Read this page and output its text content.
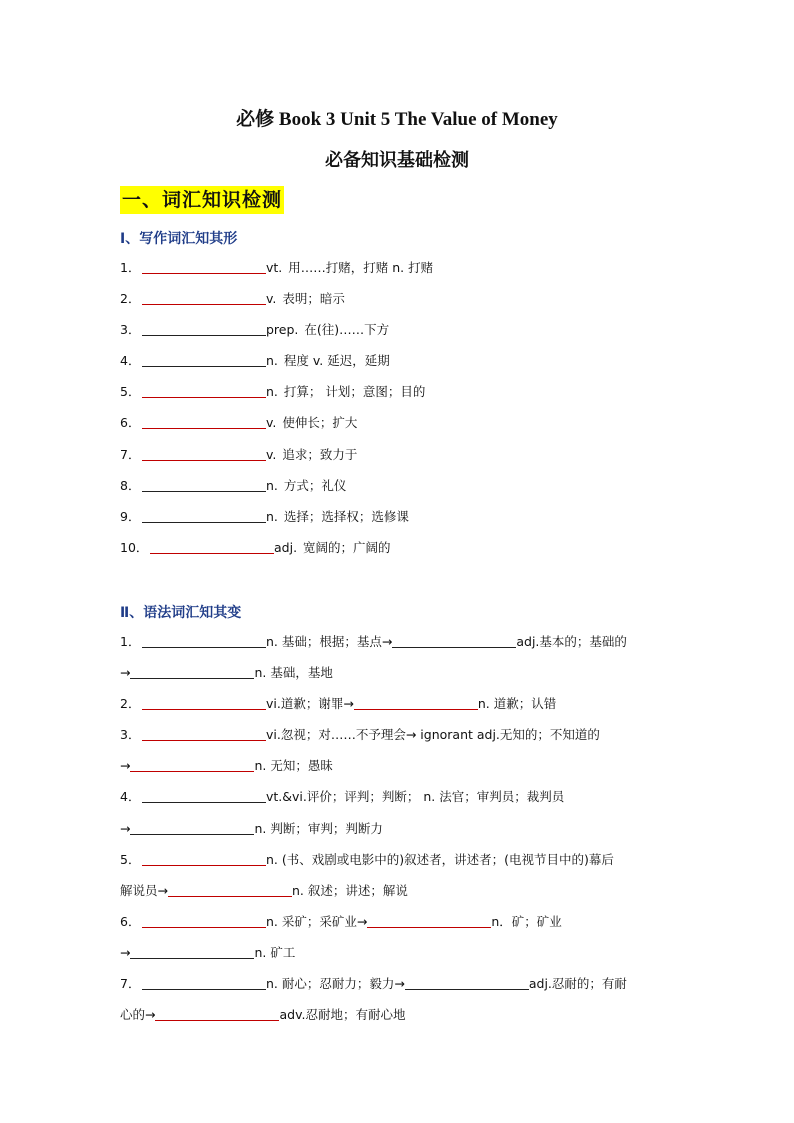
必修 Book 3 Unit 5 The Value of Money
必备知识基础检测
一、词汇知识检测
Ⅰ、写作词汇知其形
1．	vt. 用……打赌，打赌 n. 打赌
2．	v. 表明；暗示
3．	prep. 在(往)……下方
4．	n. 程度 v. 延迟，延期
5．	n. 打算； 计划；意图；目的
6．	v. 使伸长；扩大
7．	v. 追求；致力于
8．	n. 方式；礼仪
9．	n. 选择；选择权；选修课
10．	adj. 宽阔的；广阔的
Ⅱ、语法词汇知其变
1．	n. 基础；根据；基点→	adj.基本的；基础的
→	n. 基础，基地
2．	vi.道歉；谢罪→	n. 道歉；认错
3．	vi.忽视；对……不予理会→ ignorant adj.无知的；不知道的
→	n. 无知；愚昧
4．	vt.&vi.评价；评判；判断； n. 法官；审判员；裁判员
→	n. 判断；审判；判断力
5．	n. (书、戏剧或电影中的)叙述者，讲述者；(电视节目中的)幕后
解说员→	n. 叙述；讲述；解说
6．	n. 采矿；采矿业→	n．矿；矿业
→	n. 矿工
7．	n. 耐心；忍耐力；毅力→	adj.忍耐的；有耐
心的→	adv.忍耐地；有耐心地
